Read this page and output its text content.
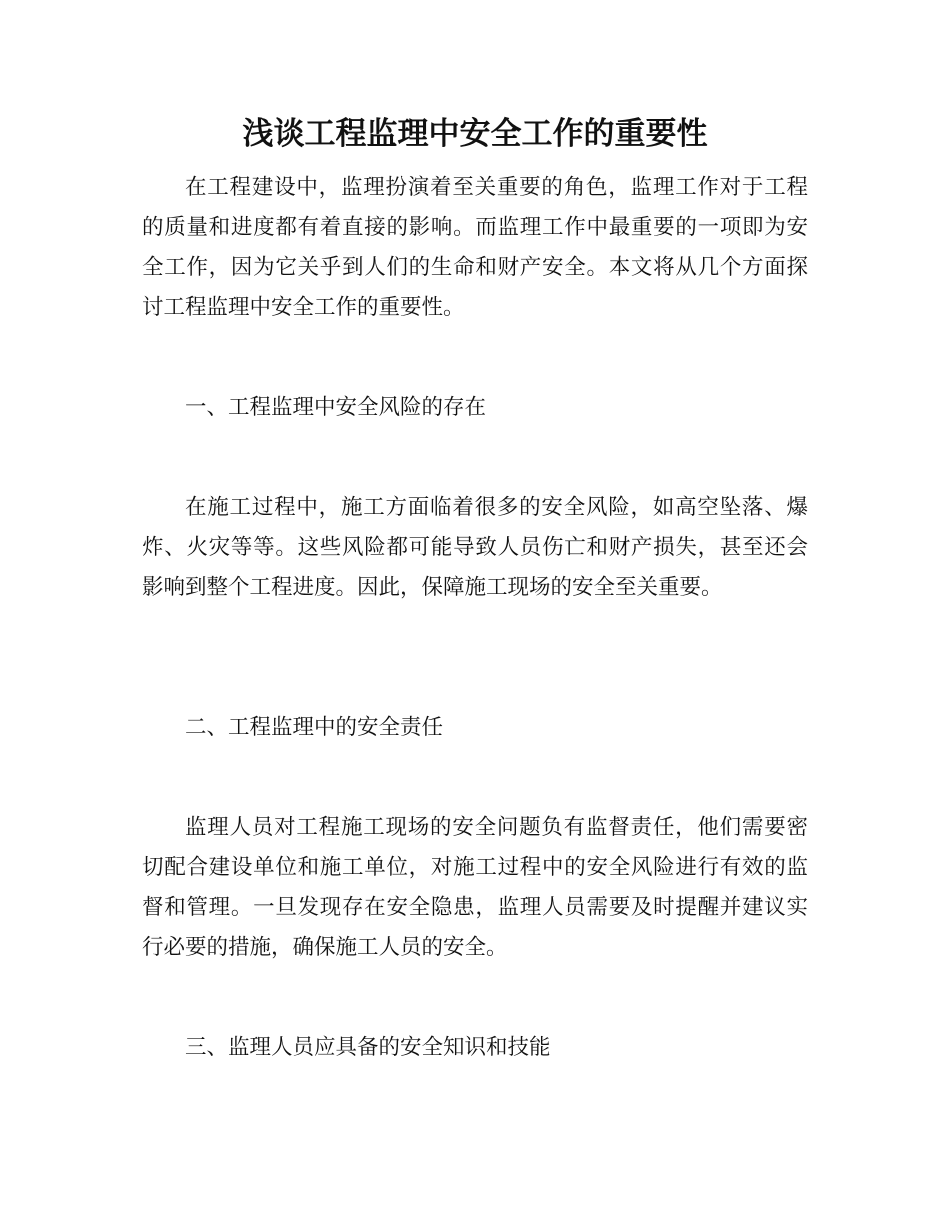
浅谈工程监理中安全工作的重要性

在工程建设中，监理扮演着至关重要的角色，监理工作对于工程的质量和进度都有着直接的影响。而监理工作中最重要的一项即为安全工作，因为它关乎到人们的生命和财产安全。本文将从几个方面探讨工程监理中安全工作的重要性。

一、工程监理中安全风险的存在

在施工过程中，施工方面临着很多的安全风险，如高空坠落、爆炸、火灾等等。这些风险都可能导致人员伤亡和财产损失，甚至还会影响到整个工程进度。因此，保障施工现场的安全至关重要。

二、工程监理中的安全责任

监理人员对工程施工现场的安全问题负有监督责任，他们需要密切配合建设单位和施工单位，对施工过程中的安全风险进行有效的监督和管理。一旦发现存在安全隐患，监理人员需要及时提醒并建议实行必要的措施，确保施工人员的安全。

三、监理人员应具备的安全知识和技能
